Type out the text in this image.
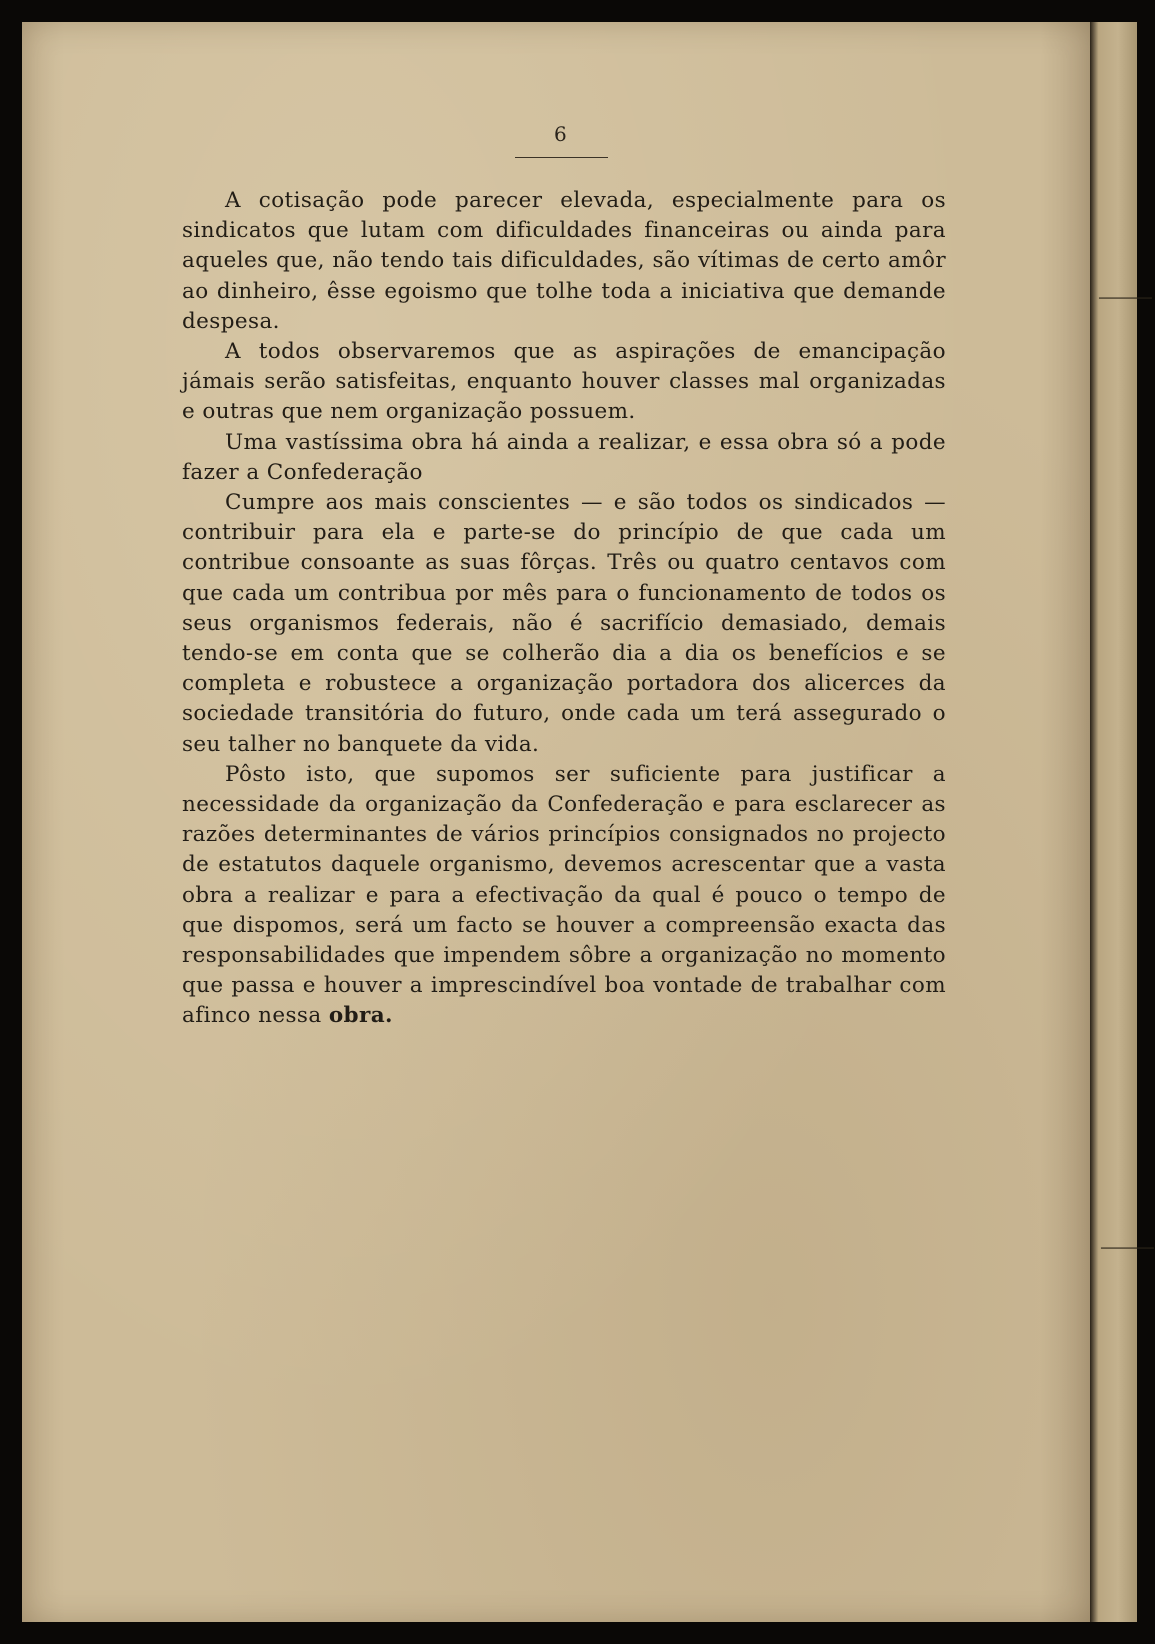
⸻
⸻
6

A cotisação pode parecer elevada, especialmente para os sindicatos que lutam com dificuldades financeiras ou ainda para aqueles que, não tendo tais dificuldades, são vítimas de certo amôr ao dinheiro, êsse egoismo que tolhe toda a iniciativa que demande despesa.

A todos observaremos que as aspirações de emancipação jámais serão satisfeitas, enquanto houver classes mal organizadas e outras que nem organização possuem.

Uma vastíssima obra há ainda a realizar, e essa obra só a pode fazer a Confederação

Cumpre aos mais conscientes — e são todos os sindicados — contribuir para ela e parte-se do princípio de que cada um contribue consoante as suas fôrças. Três ou quatro centavos com que cada um contribua por mês para o funcionamento de todos os seus organismos federais, não é sacrifício demasiado, demais tendo-se em conta que se colherão dia a dia os benefícios e se completa e robustece a organização portadora dos alicerces da sociedade transitória do futuro, onde cada um terá assegurado o seu talher no banquete da vida.

Pôsto isto, que supomos ser suficiente para justificar a necessidade da organização da Confederação e para esclarecer as razões determinantes de vários princípios consignados no projecto de estatutos daquele organismo, devemos acrescentar que a vasta obra a realizar e para a efectivação da qual é pouco o tempo de que dispomos, será um facto se houver a compreensão exacta das responsabilidades que impendem sôbre a organização no momento que passa e houver a imprescindível boa vontade de trabalhar com afinco nessa obra.
